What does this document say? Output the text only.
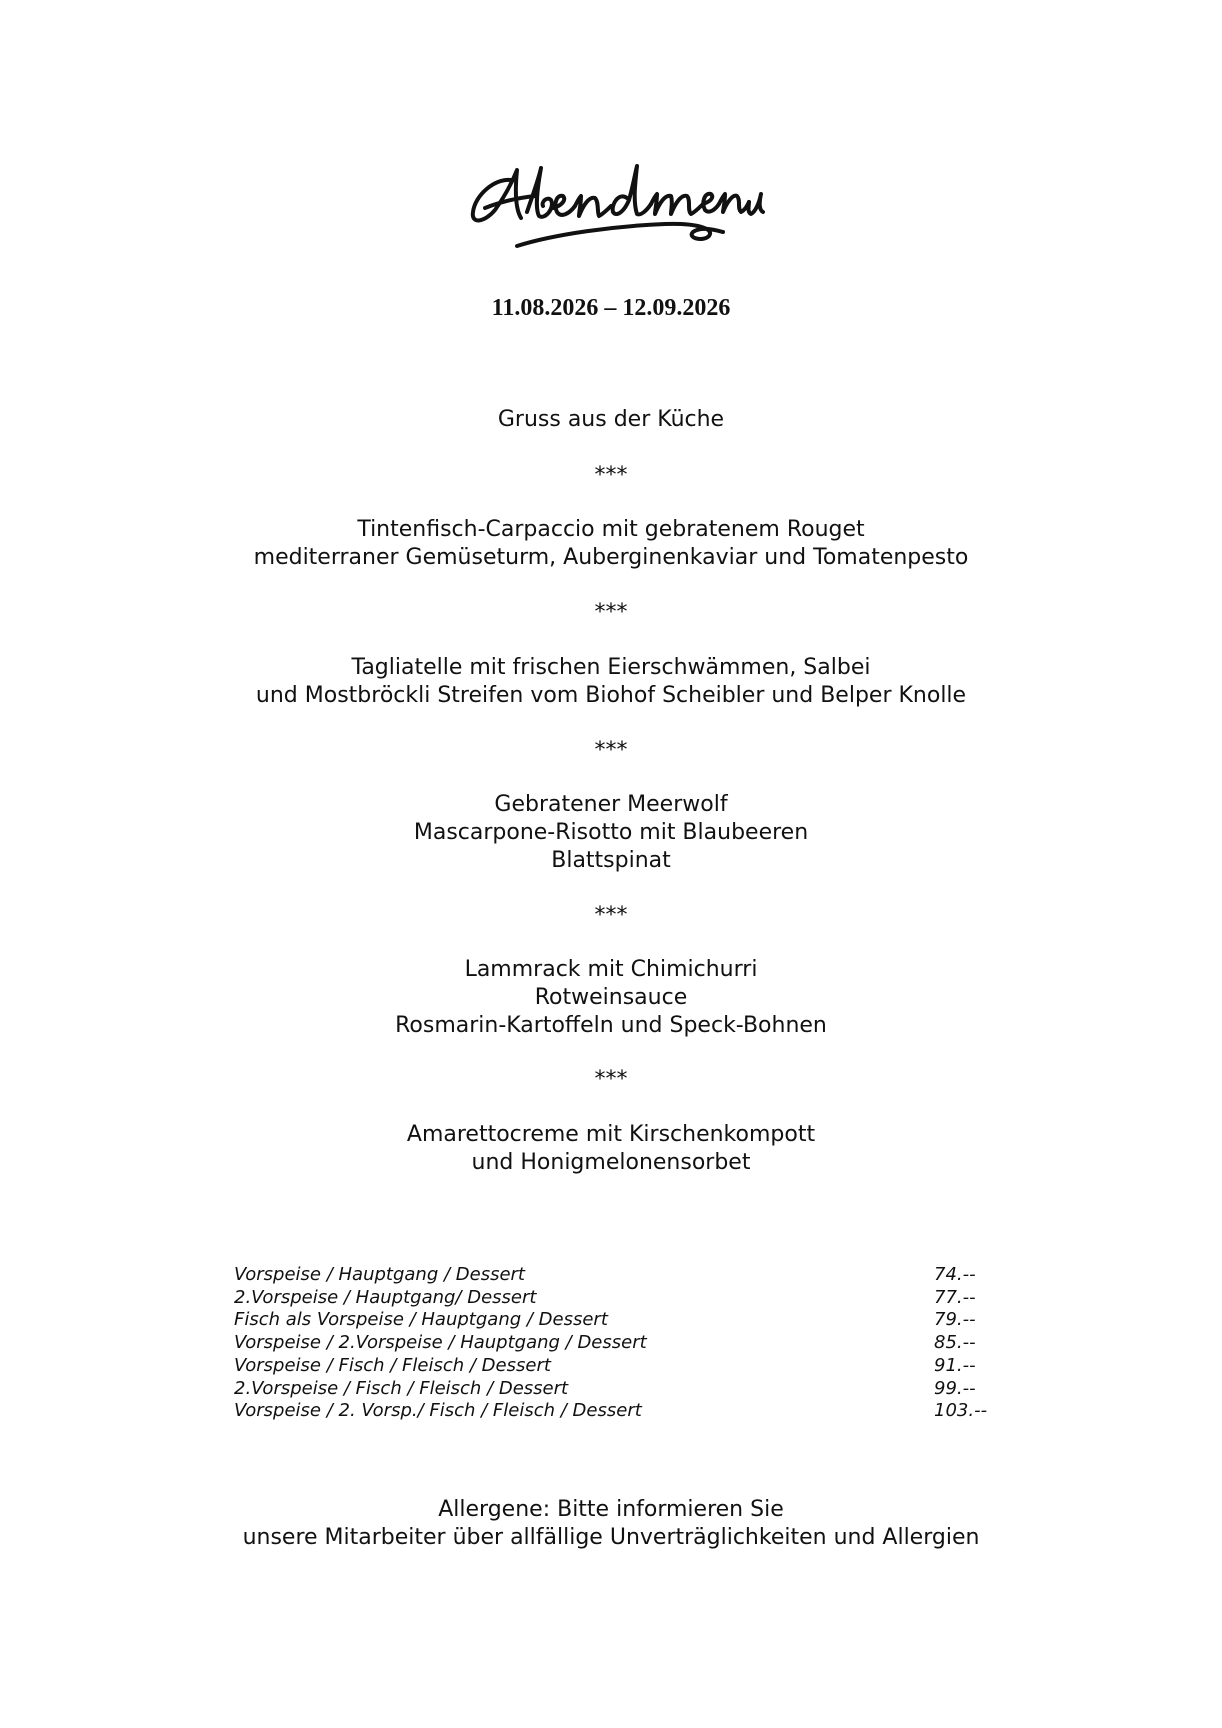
11.08.2026 – 12.09.2026
Gruss aus der Küche
***
Tintenfisch-Carpaccio mit gebratenem Rouget
mediterraner Gemüseturm, Auberginenkaviar und Tomatenpesto
***
Tagliatelle mit frischen Eierschwämmen, Salbei
und Mostbröckli Streifen vom Biohof Scheibler und Belper Knolle
***
Gebratener Meerwolf
Mascarpone-Risotto mit Blaubeeren
Blattspinat
***
Lammrack mit Chimichurri
Rotweinsauce
Rosmarin-Kartoffeln und Speck-Bohnen
***
Amarettocreme mit Kirschenkompott
und Honigmelonensorbet
Vorspeise / Hauptgang / Dessert	74.--
2.Vorspeise / Hauptgang/ Dessert	77.--
Fisch als Vorspeise / Hauptgang / Dessert	79.--
Vorspeise / 2.Vorspeise / Hauptgang / Dessert	85.--
Vorspeise / Fisch / Fleisch / Dessert	91.--
2.Vorspeise / Fisch / Fleisch / Dessert	99.--
Vorspeise / 2. Vorsp./ Fisch / Fleisch / Dessert	103.--
Allergene: Bitte informieren Sie
unsere Mitarbeiter über allfällige Unverträglichkeiten und Allergien
